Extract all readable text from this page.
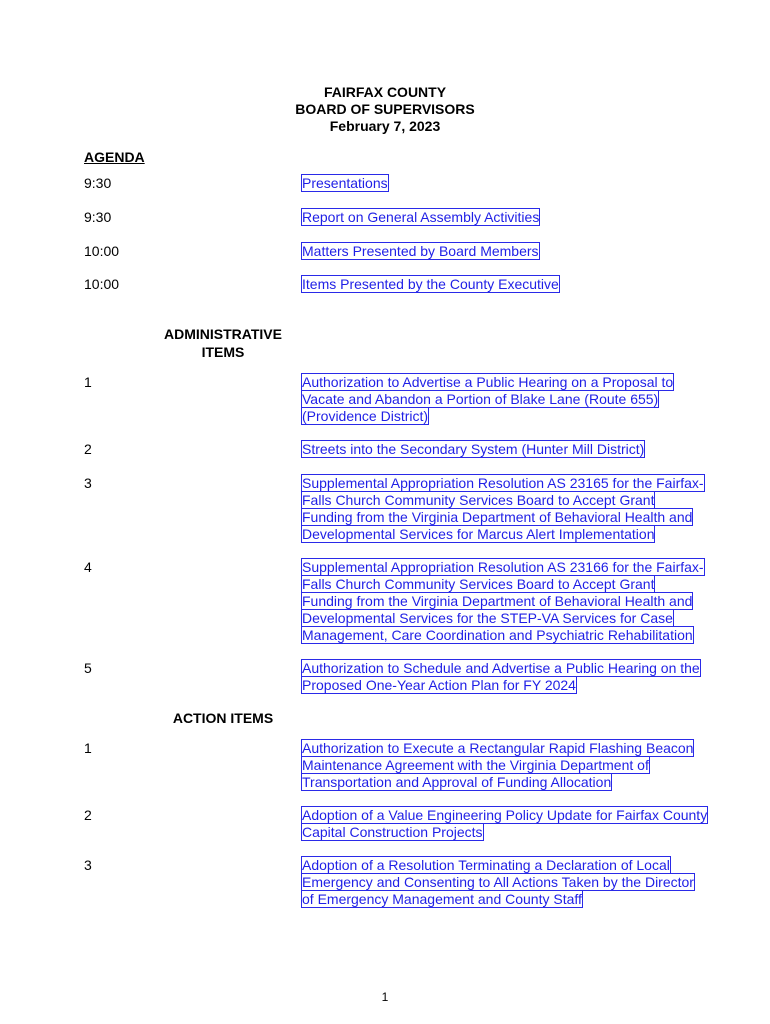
FAIRFAX COUNTY
BOARD OF SUPERVISORS
February 7, 2023
AGENDA
9:30	Presentations
9:30	Report on General Assembly Activities
10:00	Matters Presented by Board Members
10:00	Items Presented by the County Executive
ADMINISTRATIVE
ITEMS
1	Authorization to Advertise a Public Hearing on a Proposal to
Vacate and Abandon a Portion of Blake Lane (Route 655)
(Providence District)
2	Streets into the Secondary System (Hunter Mill District)
3	Supplemental Appropriation Resolution AS 23165 for the Fairfax-
Falls Church Community Services Board to Accept Grant
Funding from the Virginia Department of Behavioral Health and
Developmental Services for Marcus Alert Implementation
4	Supplemental Appropriation Resolution AS 23166 for the Fairfax-
Falls Church Community Services Board to Accept Grant
Funding from the Virginia Department of Behavioral Health and
Developmental Services for the STEP-VA Services for Case
Management, Care Coordination and Psychiatric Rehabilitation
5	Authorization to Schedule and Advertise a Public Hearing on the
Proposed One-Year Action Plan for FY 2024
ACTION ITEMS
1	Authorization to Execute a Rectangular Rapid Flashing Beacon
Maintenance Agreement with the Virginia Department of
Transportation and Approval of Funding Allocation
2	Adoption of a Value Engineering Policy Update for Fairfax County
Capital Construction Projects
3	Adoption of a Resolution Terminating a Declaration of Local
Emergency and Consenting to All Actions Taken by the Director
of Emergency Management and County Staff
1
